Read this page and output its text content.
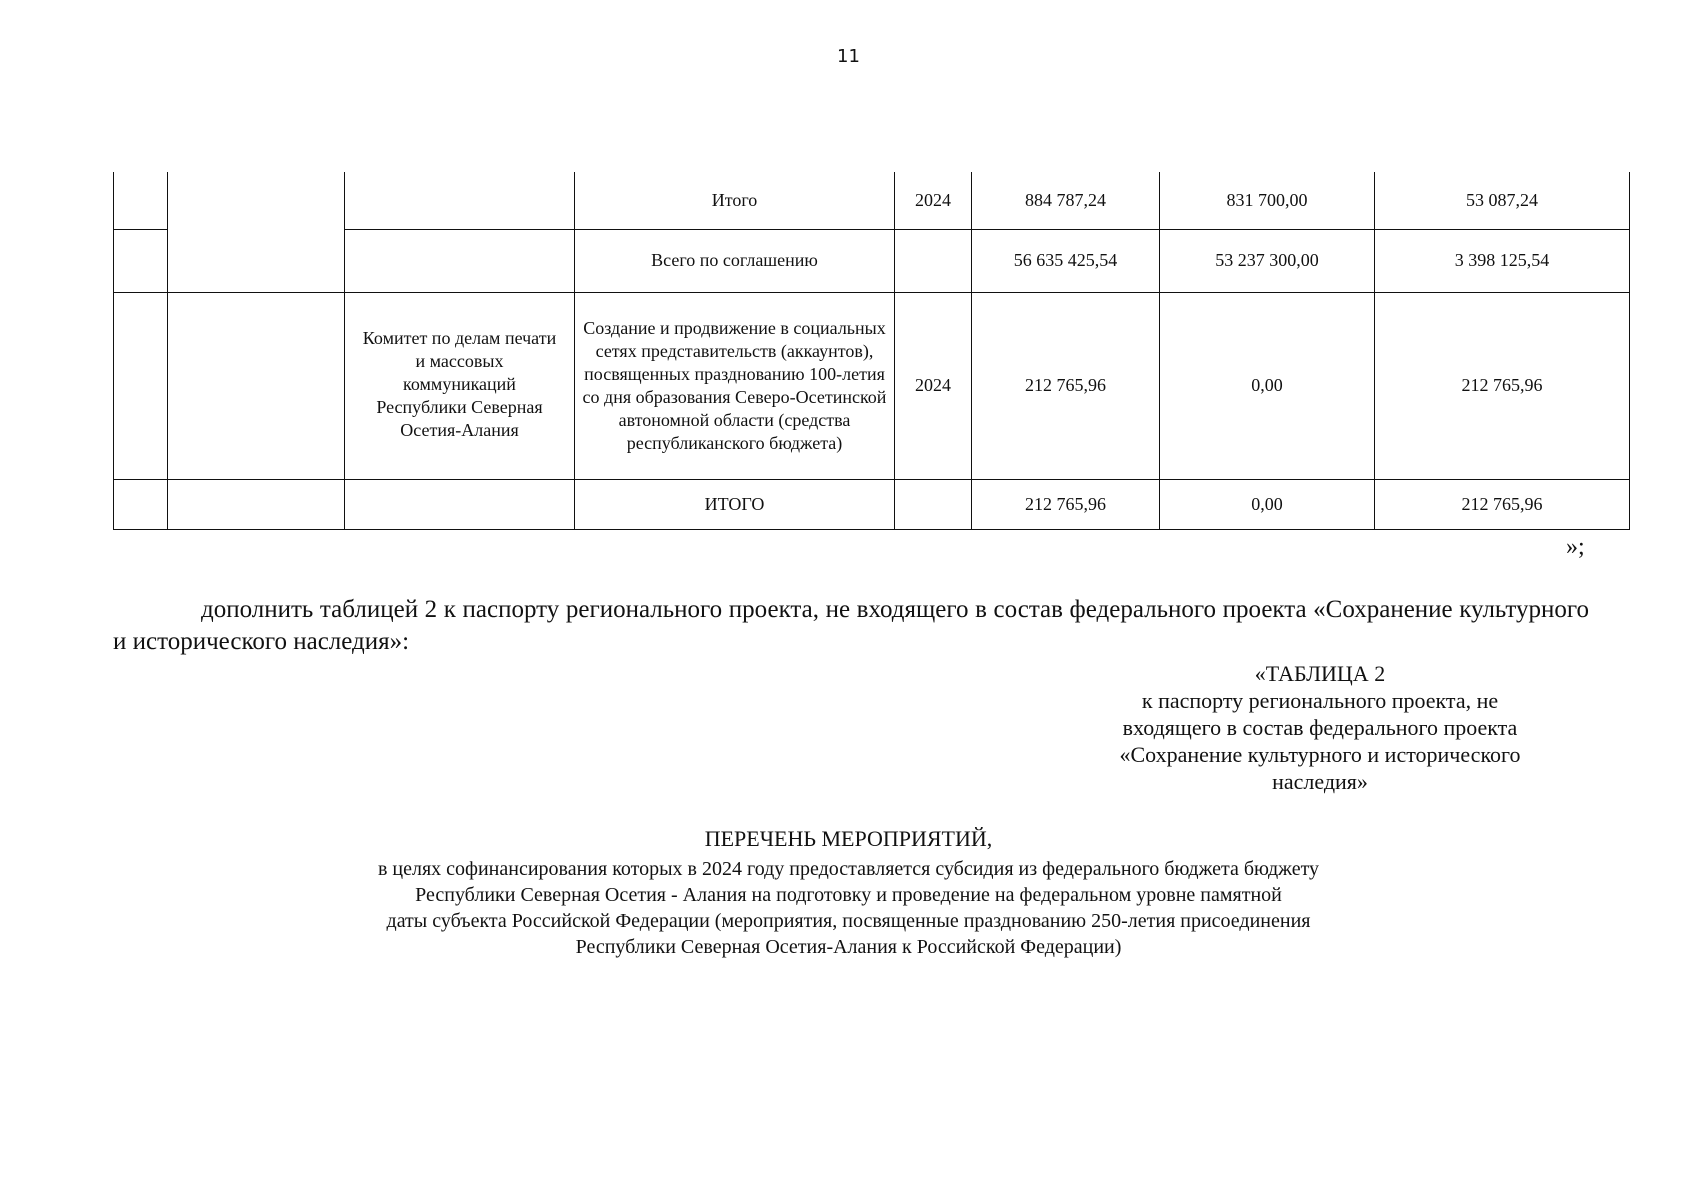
11
			Итого	2024	884 787,24	831 700,00	53 087,24
			Всего по соглашению		56 635 425,54	53 237 300,00	3 398 125,54
		Комитет по делам печати и массовых коммуникаций Республики Северная Осетия-Алания	Создание и продвижение в социальных сетях представительств (аккаунтов), посвященных празднованию 100-летия со дня образования Северо-Осетинской автономной области (средства республиканского бюджета)	2024	212 765,96	0,00	212 765,96
			ИТОГО		212 765,96	0,00	212 765,96
»;

дополнить таблицей 2 к паспорту регионального проекта, не входящего в состав федерального проекта «Сохранение культурного и исторического наследия»:

«ТАБЛИЦА 2
к паспорту регионального проекта, не
входящего в состав федерального проекта
«Сохранение культурного и исторического
наследия»
ПЕРЕЧЕНЬ МЕРОПРИЯТИЙ,
в целях софинансирования которых в 2024 году предоставляется субсидия из федерального бюджета бюджету
Республики Северная Осетия - Алания на подготовку и проведение на федеральном уровне памятной
даты субъекта Российской Федерации (мероприятия, посвященные празднованию 250-летия присоединения
Республики Северная Осетия-Алания к Российской Федерации)
